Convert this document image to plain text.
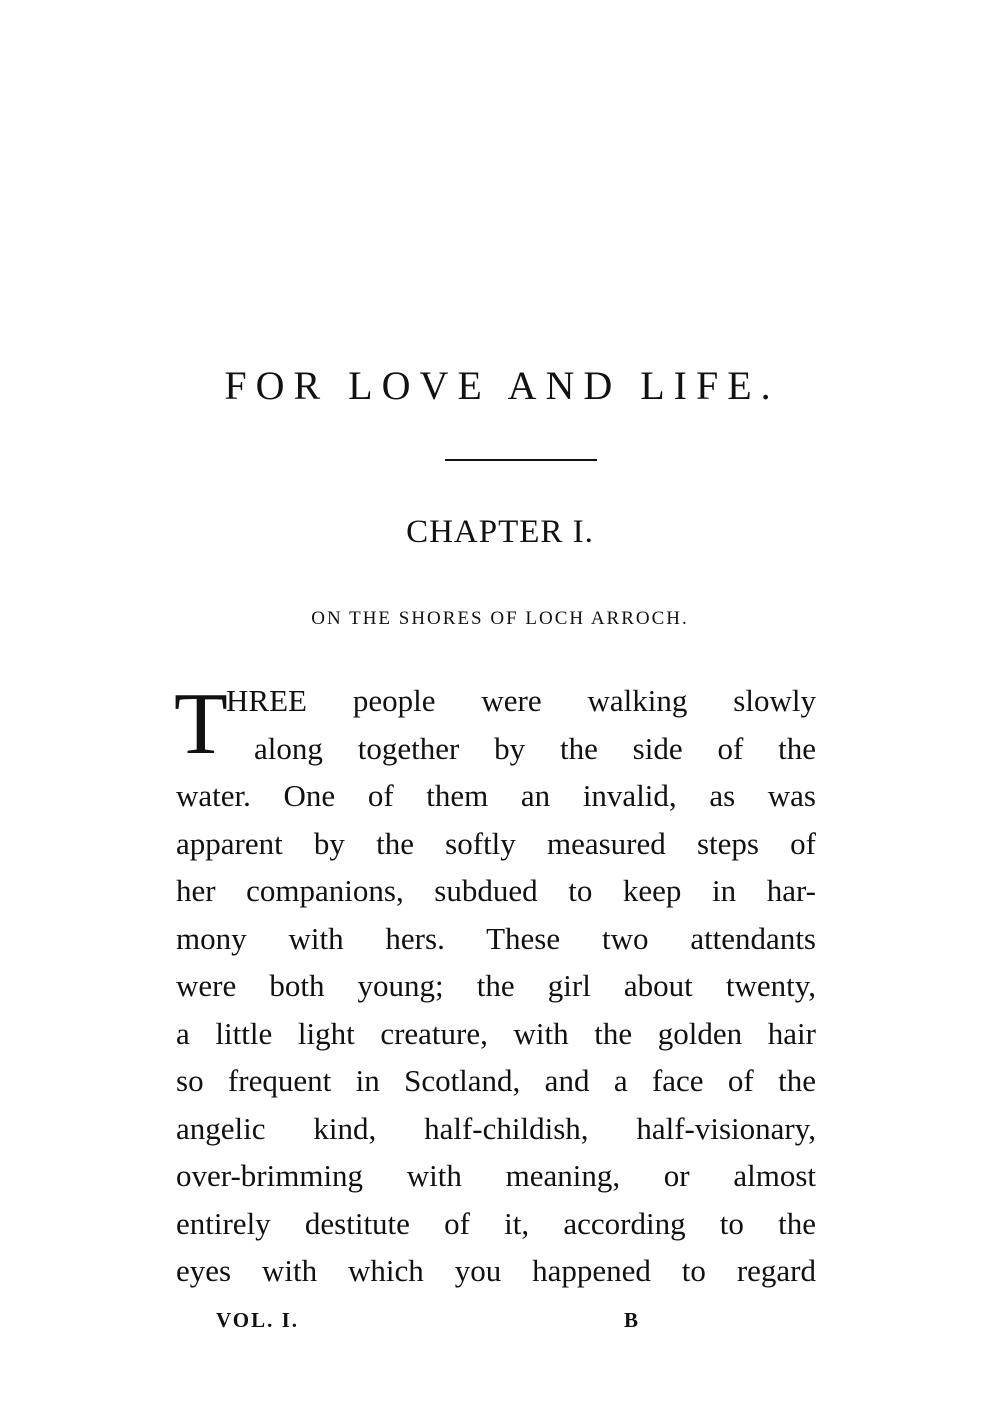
FOR LOVE AND LIFE.
CHAPTER I.
ON THE SHORES OF LOCH ARROCH.
T
HREE people were walking slowly
along together by the side of the
water. One of them an invalid, as was
apparent by the softly measured steps of
her companions, subdued to keep in har-
mony with hers. These two attendants
were both young; the girl about twenty,
a little light creature, with the golden hair
so frequent in Scotland, and a face of the
angelic kind, half-childish, half-visionary,
over-brimming with meaning, or almost
entirely destitute of it, according to the
eyes with which you happened to regard
VOL. I.	B
